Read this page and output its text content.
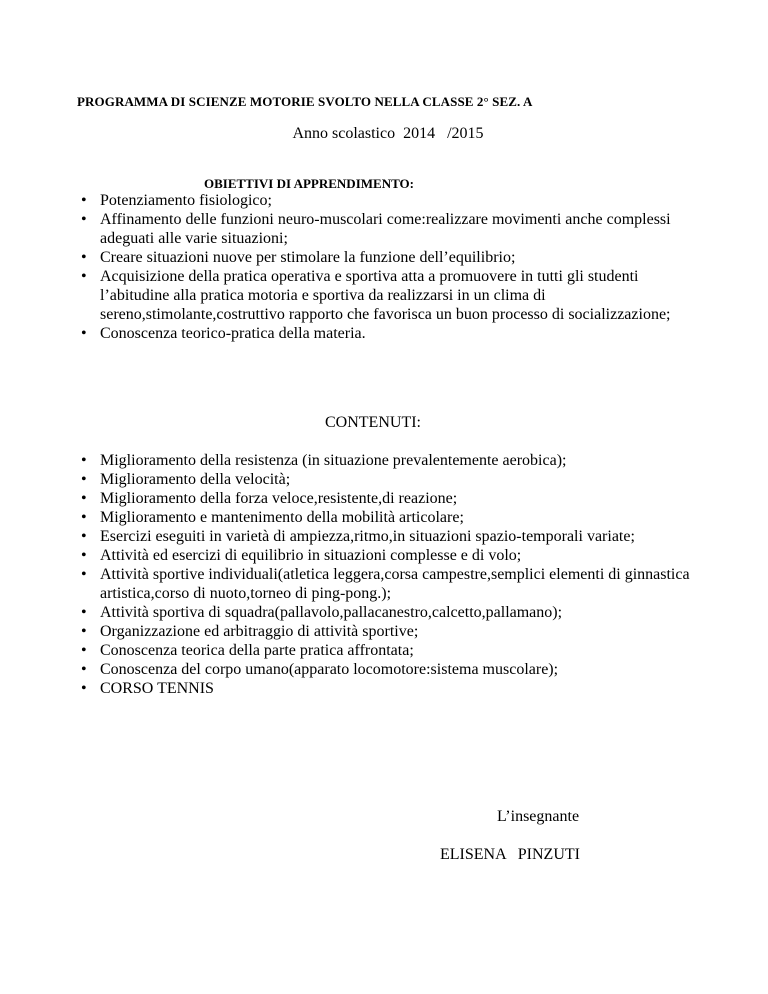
PROGRAMMA DI SCIENZE MOTORIE SVOLTO NELLA CLASSE 2° SEZ. A
Anno scolastico  2014   /2015
OBIETTIVI DI APPRENDIMENTO:
• Potenziamento fisiologico;
• Affinamento delle funzioni neuro-muscolari come:realizzare movimenti anche complessi adeguati alle varie situazioni;
• Creare situazioni nuove per stimolare la funzione dell’equilibrio;
• Acquisizione della pratica operativa e sportiva atta a promuovere in tutti gli studenti l’abitudine alla pratica motoria e sportiva da realizzarsi in un clima di sereno,stimolante,costruttivo rapporto che favorisca un buon processo di socializzazione;
• Conoscenza teorico-pratica della materia.
CONTENUTI:
• Miglioramento della resistenza (in situazione prevalentemente aerobica);
• Miglioramento della velocità;
• Miglioramento della forza veloce,resistente,di reazione;
• Miglioramento e mantenimento della mobilità articolare;
• Esercizi eseguiti in varietà di ampiezza,ritmo,in situazioni spazio-temporali variate;
• Attività ed esercizi di equilibrio in situazioni complesse e di volo;
• Attività sportive individuali(atletica leggera,corsa campestre,semplici elementi di ginnastica artistica,corso di nuoto,torneo di ping-pong.);
• Attività sportiva di squadra(pallavolo,pallacanestro,calcetto,pallamano);
• Organizzazione ed arbitraggio di attività sportive;
• Conoscenza teorica della parte pratica affrontata;
• Conoscenza del corpo umano(apparato locomotore:sistema muscolare);
• CORSO TENNIS
L’insegnante
ELISENA   PINZUTI
